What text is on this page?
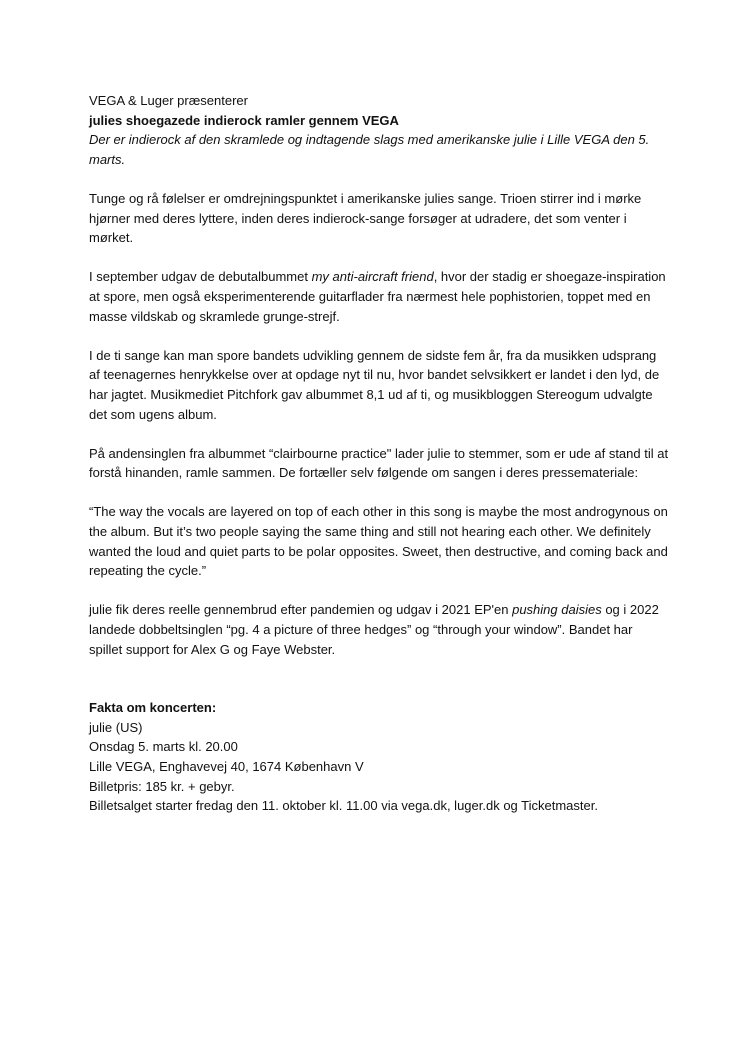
VEGA & Luger præsenterer

julies shoegazede indierock ramler gennem VEGA

Der er indierock af den skramlede og indtagende slags med amerikanske julie i Lille VEGA den 5. marts.

Tunge og rå følelser er omdrejningspunktet i amerikanske julies sange. Trioen stirrer ind i mørke hjørner med deres lyttere, inden deres indierock-sange forsøger at udradere, det som venter i mørket.

I september udgav de debutalbummet my anti-aircraft friend, hvor der stadig er shoegaze-inspiration at spore, men også eksperimenterende guitarflader fra nærmest hele pophistorien, toppet med en masse vildskab og skramlede grunge-strejf.

I de ti sange kan man spore bandets udvikling gennem de sidste fem år, fra da musikken udsprang af teenagernes henrykkelse over at opdage nyt til nu, hvor bandet selvsikkert er landet i den lyd, de har jagtet. Musikmediet Pitchfork gav albummet 8,1 ud af ti, og musikbloggen Stereogum udvalgte det som ugens album.

På andensinglen fra albummet “clairbourne practice" lader julie to stemmer, som er ude af stand til at forstå hinanden, ramle sammen. De fortæller selv følgende om sangen i deres pressemateriale:

“The way the vocals are layered on top of each other in this song is maybe the most androgynous on the album. But it’s two people saying the same thing and still not hearing each other. We definitely wanted the loud and quiet parts to be polar opposites. Sweet, then destructive, and coming back and repeating the cycle.”

julie fik deres reelle gennembrud efter pandemien og udgav i 2021 EP'en pushing daisies og i 2022 landede dobbeltsinglen “pg. 4 a picture of three hedges” og “through your window”. Bandet har spillet support for Alex G og Faye Webster.

Fakta om koncerten:

julie (US)

Onsdag 5. marts kl. 20.00

Lille VEGA, Enghavevej 40, 1674 København V

Billetpris: 185 kr. + gebyr.

Billetsalget starter fredag den 11. oktober kl. 11.00 via vega.dk, luger.dk og Ticketmaster.
